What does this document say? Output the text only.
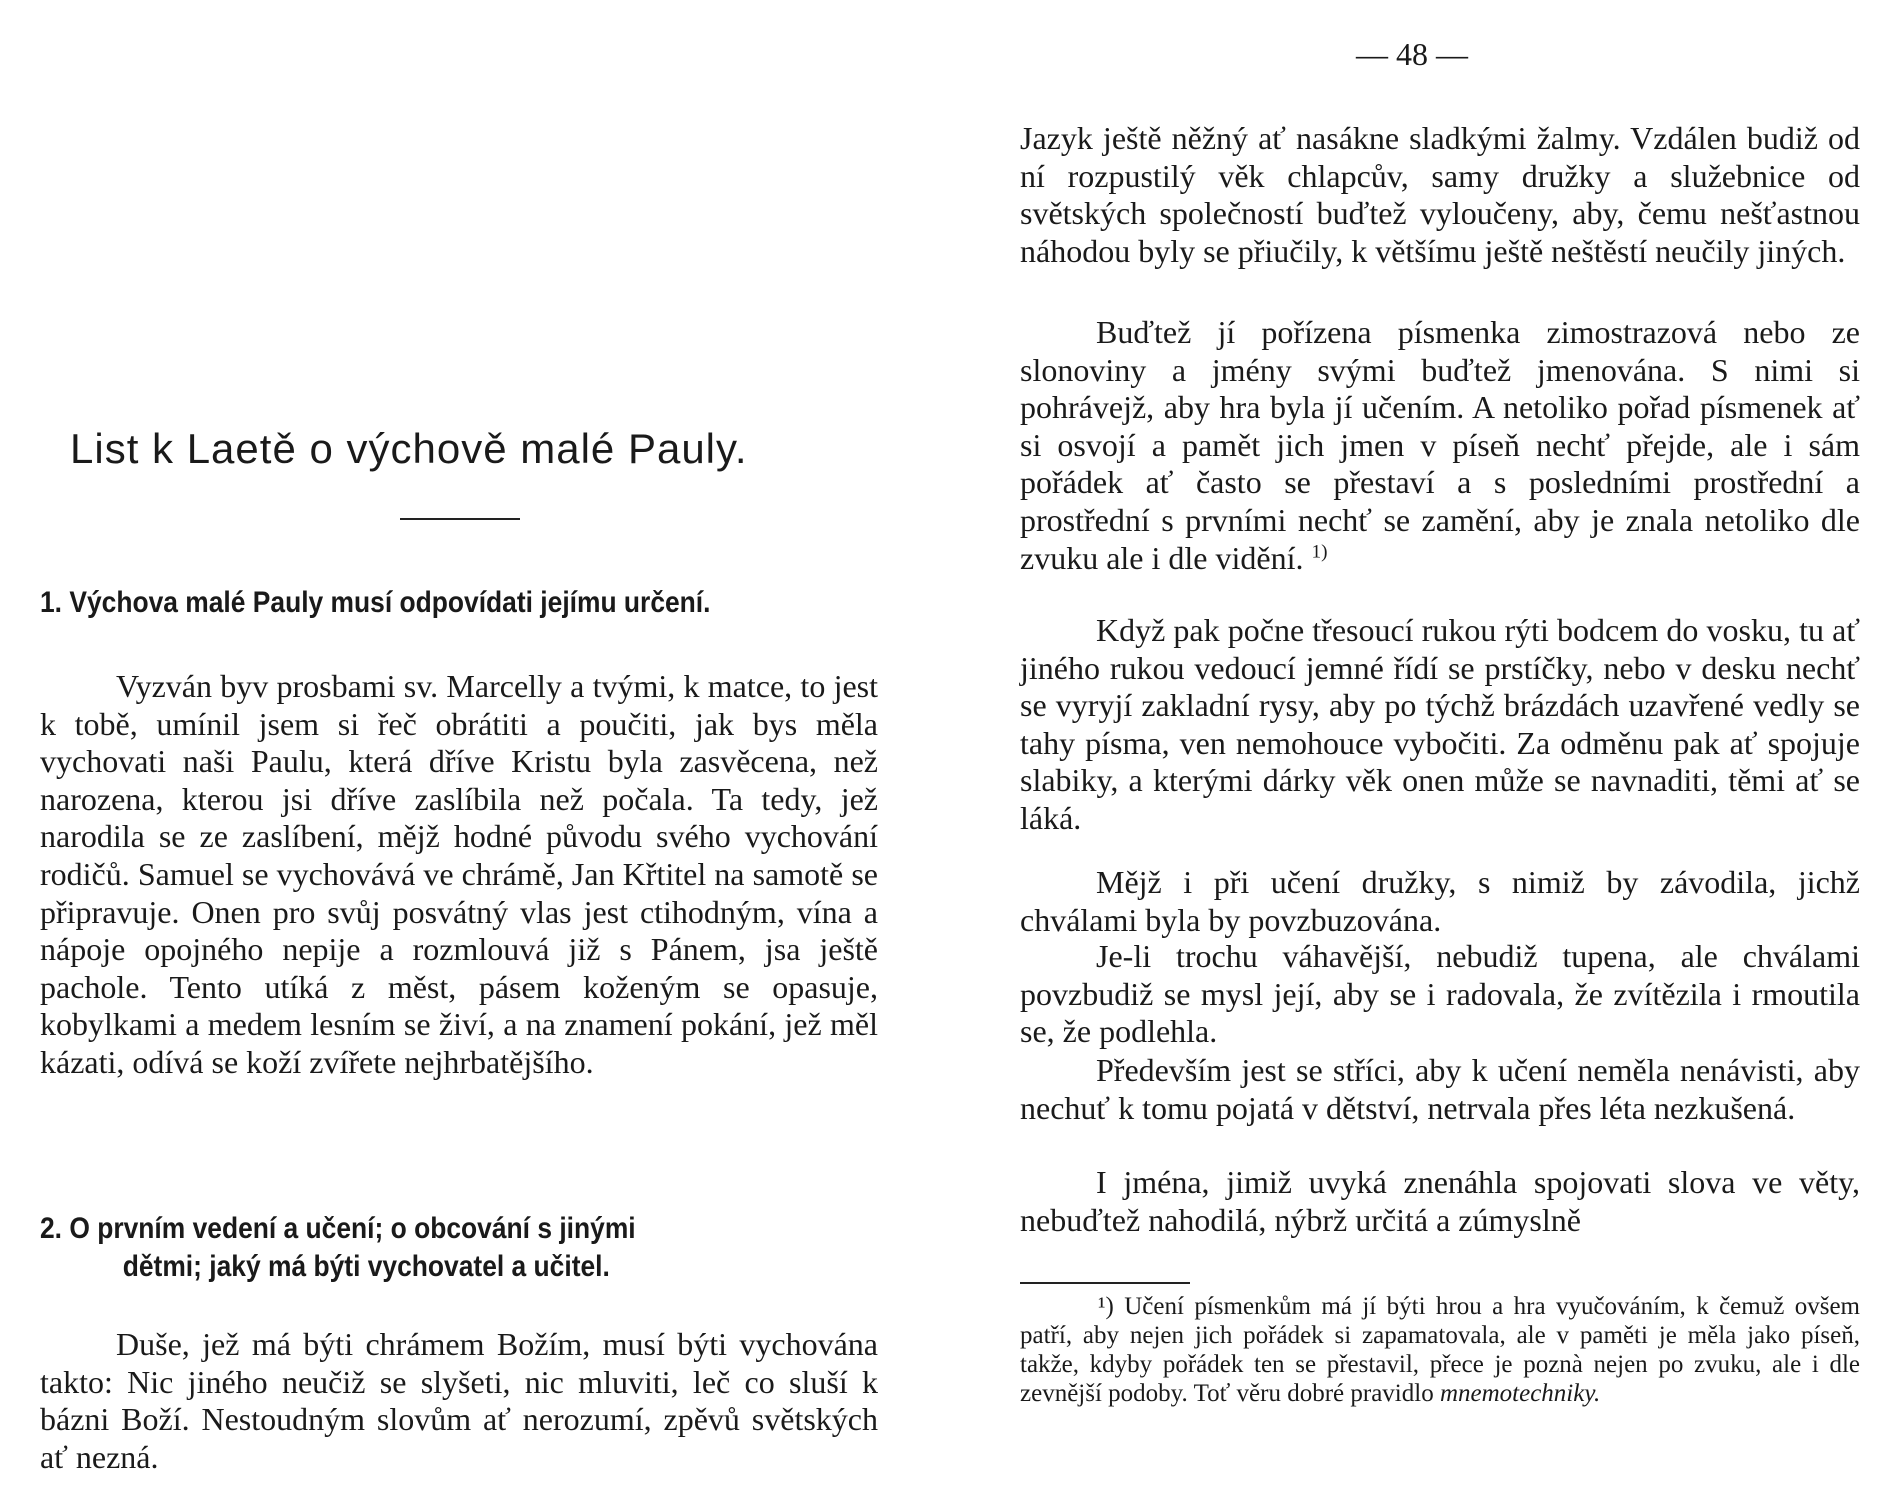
List k Laetě o výchově malé Pauly.
1. Výchova malé Pauly musí odpovídati jejímu určení.

Vyzván byv prosbami sv. Marcelly a tvými, k matce, to jest k tobě, umínil jsem si řeč obrátiti a poučiti, jak bys měla vychovati naši Paulu, která dříve Kristu byla zasvěcena, než narozena, kterou jsi dříve zaslíbila než počala. Ta tedy, jež narodila se ze zaslíbení, mějž hodné původu svého vychování rodičů. Samuel se vychovává ve chrámě, Jan Křtitel na samotě se připravuje. Onen pro svůj posvátný vlas jest ctihodným, vína a nápoje opojného nepije a rozmlouvá již s Pánem, jsa ještě pachole. Tento utíká z měst, pásem koženým se opasuje, kobylkami a medem lesním se živí, a na znamení pokání, jež měl kázati, odívá se koží zvířete nejhrbatějšího.

2. O prvním vedení a učení; o obcování s jinými
dětmi; jaký má býti vychovatel a učitel.

Duše, jež má býti chrámem Božím, musí býti vychována takto: Nic jiného neučiž se slyšeti, nic mluviti, leč co sluší k bázni Boží. Nestoudným slovům ať nerozumí, zpěvů světských ať nezná.

— 48 —

Jazyk ještě něžný ať nasákne sladkými žalmy. Vzdálen budiž od ní rozpustilý věk chlapcův, samy družky a služebnice od světských společností buďtež vyloučeny, aby, čemu nešťastnou náhodou byly se přiučily, k většímu ještě neštěstí neučily jiných.

Buďtež jí pořízena písmenka zimostrazová nebo ze slonoviny a jmény svými buďtež jmenována. S nimi si pohrávejž, aby hra byla jí učením. A netoliko pořad písmenek ať si osvojí a pamět jich jmen v píseň nechť přejde, ale i sám pořádek ať často se přestaví a s posledními prostřední a prostřední s prvními nechť se zamění, aby je znala netoliko dle zvuku ale i dle vidění. $^{1)}$

Když pak počne třesoucí rukou rýti bodcem do vosku, tu ať jiného rukou vedoucí jemné řídí se prstíčky, nebo v desku nechť se vyryjí zakladní rysy, aby po týchž brázdách uzavřené vedly se tahy písma, ven nemohouce vybočiti. Za odměnu pak ať spojuje slabiky, a kterými dárky věk onen může se navnaditi, těmi ať se láká.

Mějž i při učení družky, s nimiž by závodila, jichž chválami byla by povzbuzována.

Je-li trochu váhavější, nebudiž tupena, ale chválami povzbudiž se mysl její, aby se i radovala, že zvítězila i rmoutila se, že podlehla.

Především jest se stříci, aby k učení neměla nenávisti, aby nechuť k tomu pojatá v dětství, netrvala přes léta nezkušená.

I jména, jimiž uvyká znenáhla spojovati slova ve věty, nebuďtež nahodilá, nýbrž určitá a zúmyslně

¹) Učení písmenkům má jí býti hrou a hra vyučováním, k čemuž ovšem patří, aby nejen jich pořádek si zapamatovala, ale v paměti je měla jako píseň, takže, kdyby pořádek ten se přestavil, přece je poznà nejen po zvuku, ale i dle zevnější podoby. Toť věru dobré pravidlo mnemotechniky.
